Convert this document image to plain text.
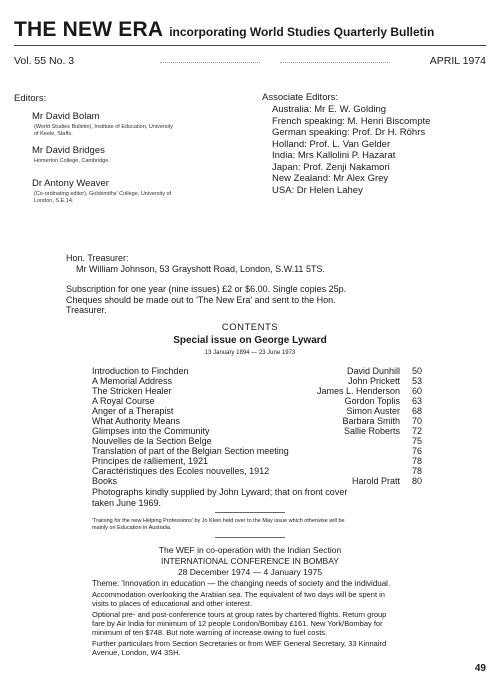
THE NEW ERA incorporating World Studies Quarterly Bulletin
Vol. 55 No. 3	APRIL 1974
Editors:
Mr David Bolam
(World Studies Bulletin), Institute of Education, University
of Keele, Staffs.
Mr David Bridges
Homerton College, Cambridge.
Dr Antony Weaver
(Co-ordinating editor), Goldsmiths' College, University of
London, S.E.14.
Associate Editors:
Australia: Mr E. W. Golding
French speaking: M. Henri Biscompte
German speaking: Prof. Dr H. Röhrs
Holland: Prof. L. Van Gelder
India: Mrs Kallolini P. Hazarat
Japan: Prof. Zenji Nakamori
New Zealand: Mr Alex Grey
USA: Dr Helen Lahey
Hon. Treasurer:
Mr William Johnson, 53 Grayshott Road, London, S.W.11 5TS.
Subscription for one year (nine issues) £2 or $6.00. Single copies 25p.
Cheques should be made out to 'The New Era' and sent to the Hon.
Treasurer.
CONTENTS
Special issue on George Lyward
13 January 1894 — 23 June 1973
Introduction to Finchden	David Dunhill 50
A Memorial Address	John Prickett 53
The Stricken Healer	James L. Henderson 60
A Royal Course	Gordon Toplis 63
Anger of a Therapist	Simon Auster 68
What Authority Means	Barbara Smith 70
Glimpses into the Community	Sallie Roberts 72
Nouvelles de la Section Belge	75
Translation of part of the Belgian Section meeting	76
Principes de ralliement, 1921	78
Caractéristiques des Ecoles nouvelles, 1912	78
Books	Harold Pratt 80
Photographs kindly supplied by John Lyward; that on front cover
taken June 1969.
'Training for the new Helping Professions' by Jo Klein held over to the May issue which otherwise will be
mainly on Education in Australia.
The WEF in co-operation with the Indian Section
INTERNATIONAL CONFERENCE IN BOMBAY
28 December 1974 — 4 January 1975
Theme: 'Innovation in education — the changing needs of society and the individual.
Accommodation overlooking the Arabian sea. The equivalent of two days will be spent in
visits to places of educational and other interest.
Optional pre- and post-conference tours at group rates by chartered flights. Return group
fare by Air India for minimum of 12 people London/Bombay £161. New York/Bombay for
minimum of ten $748. But note warning of increase owing to fuel costs.
Further particulars from Section Secretaries or from WEF General Secretary, 33 Kinnaird
Avenue, London, W4 3SH.
49
